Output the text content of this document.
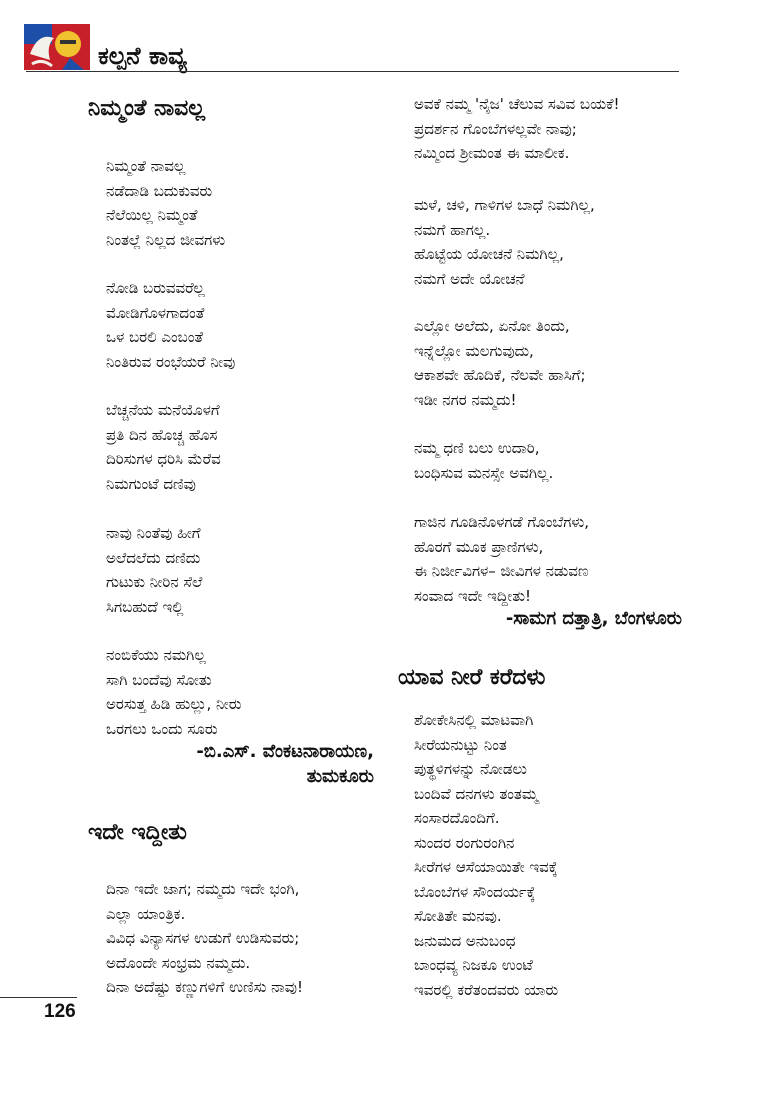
ಕಲ್ಪನೆ ಕಾವ್ಯ
ನಿಮ್ಮಂತೆ ನಾವಲ್ಲ
ನಿಮ್ಮಂತೆ ನಾವಲ್ಲ
ನಡೆದಾಡಿ ಬದುಕುವರು
ನೆಲೆಯಿಲ್ಲ ನಿಮ್ಮಂತೆ
ನಿಂತಲ್ಲೆ ನಿಲ್ಲದ ಜೀವಗಳು
ನೋಡಿ ಬರುವವರೆಲ್ಲ
ಮೋಡಿಗೊಳಗಾದಂತೆ
ಒಳ ಬರಲಿ ಎಂಬಂತೆ
ನಿಂತಿರುವ ರಂಭೆಯರೆ ನೀವು
ಬೆಚ್ಚನೆಯ ಮನೆಯೊಳಗೆ
ಪ್ರತಿ ದಿನ ಹೊಚ್ಚ ಹೊಸ
ದಿರಿಸುಗಳ ಧರಿಸಿ ಮೆರೆವ
ನಿಮಗುಂಟೆ ದಣಿವು
ನಾವು ನಿಂತೆವು ಹೀಗೆ
ಅಲೆದಲೆದು ದಣಿದು
ಗುಟುಕು ನೀರಿನ ಸೆಲೆ
ಸಿಗಬಹುದೆ ಇಲ್ಲಿ
ನಂಬಿಕೆಯು ನಮಗಿಲ್ಲ
ಸಾಗಿ ಬಂದೆವು ಸೋತು
ಅರಸುತ್ತ ಹಿಡಿ ಹುಲ್ಲು, ನೀರು
ಒರಗಲು ಒಂದು ಸೂರು

-ಬಿ.ಎಸ್. ವೆಂಕಟನಾರಾಯಣ,

ತುಮಕೂರು

ಇದೇ ಇದ್ದೀತು
ದಿನಾ ಇದೇ ಜಾಗ; ನಮ್ಮದು ಇದೇ ಭಂಗಿ,
ಎಲ್ಲಾ ಯಾಂತ್ರಿಕ.
ವಿವಿಧ ವಿನ್ಯಾಸಗಳ ಉಡುಗೆ ಉಡಿಸುವರು;
ಅದೊಂದೇ ಸಂಭ್ರಮ ನಮ್ಮದು.
ದಿನಾ ಅದೆಷ್ಟು ಕಣ್ಣುಗಳಿಗೆ ಉಣಿಸು ನಾವು!
ಅವಕೆ ನಮ್ಮ 'ನೈಜ' ಚೆಲುವ ಸವಿವ ಬಯಕೆ!
ಪ್ರದರ್ಶನ ಗೊಂಬೆಗಳಲ್ಲವೇ ನಾವು;
ನಮ್ಮಿಂದ ಶ್ರೀಮಂತ ಈ ಮಾಲೀಕ.
ಮಳೆ, ಚಳಿ, ಗಾಳಿಗಳ ಬಾಧೆ ನಿಮಗಿಲ್ಲ,
ನಮಗೆ ಹಾಗಲ್ಲ.
ಹೊಟ್ಟೆಯ ಯೋಚನೆ ನಿಮಗಿಲ್ಲ,
ನಮಗೆ ಅದೇ ಯೋಚನೆ
ಎಲ್ಲೋ ಅಲೆದು, ಏನೋ ತಿಂದು,
ಇನ್ನೆಲ್ಲೋ ಮಲಗುವುದು,
ಆಕಾಶವೇ ಹೊದಿಕೆ, ನೆಲವೇ ಹಾಸಿಗೆ;
ಇಡೀ ನಗರ ನಮ್ಮದು!
ನಮ್ಮ ಧಣಿ ಬಲು ಉದಾರಿ,
ಬಂಧಿಸುವ ಮನಸ್ಸೇ ಅವಗಿಲ್ಲ.
ಗಾಜಿನ ಗೂಡಿನೊಳಗಡೆ ಗೊಂಬೆಗಳು,
ಹೊರಗೆ ಮೂಕ ಪ್ರಾಣಿಗಳು,
ಈ ನಿರ್ಜೀವಿಗಳ– ಜೀವಿಗಳ ನಡುವಣ
ಸಂವಾದ ಇದೇ ಇದ್ದೀತು!

-ಸಾಮಗ ದತ್ತಾತ್ರಿ, ಬೆಂಗಳೂರು

ಯಾವ ನೀರೆ ಕರೆದಳು
ಶೋಕೇಸಿನಲ್ಲಿ ಮಾಟವಾಗಿ
ಸೀರೆಯನುಟ್ಟು ನಿಂತ
ಪುತ್ಥಳಿಗಳನ್ನು ನೋಡಲು
ಬಂದಿವೆ ದನಗಳು ತಂತಮ್ಮ
ಸಂಸಾರದೊಂದಿಗೆ.
ಸುಂದರ ರಂಗುರಂಗಿನ
ಸೀರೆಗಳ ಆಸೆಯಾಯಿತೇ ಇವಕ್ಕೆ
ಬೊಂಬೆಗಳ ಸೌಂದರ್ಯಕ್ಕೆ
ಸೋತಿತೇ ಮನವು.
ಜನುಮದ ಅನುಬಂಧ
ಬಾಂಧವ್ಯ ನಿಜಕೂ ಉಂಟೆ
ಇವರಲ್ಲಿ ಕರೆತಂದವರು ಯಾರು

126
